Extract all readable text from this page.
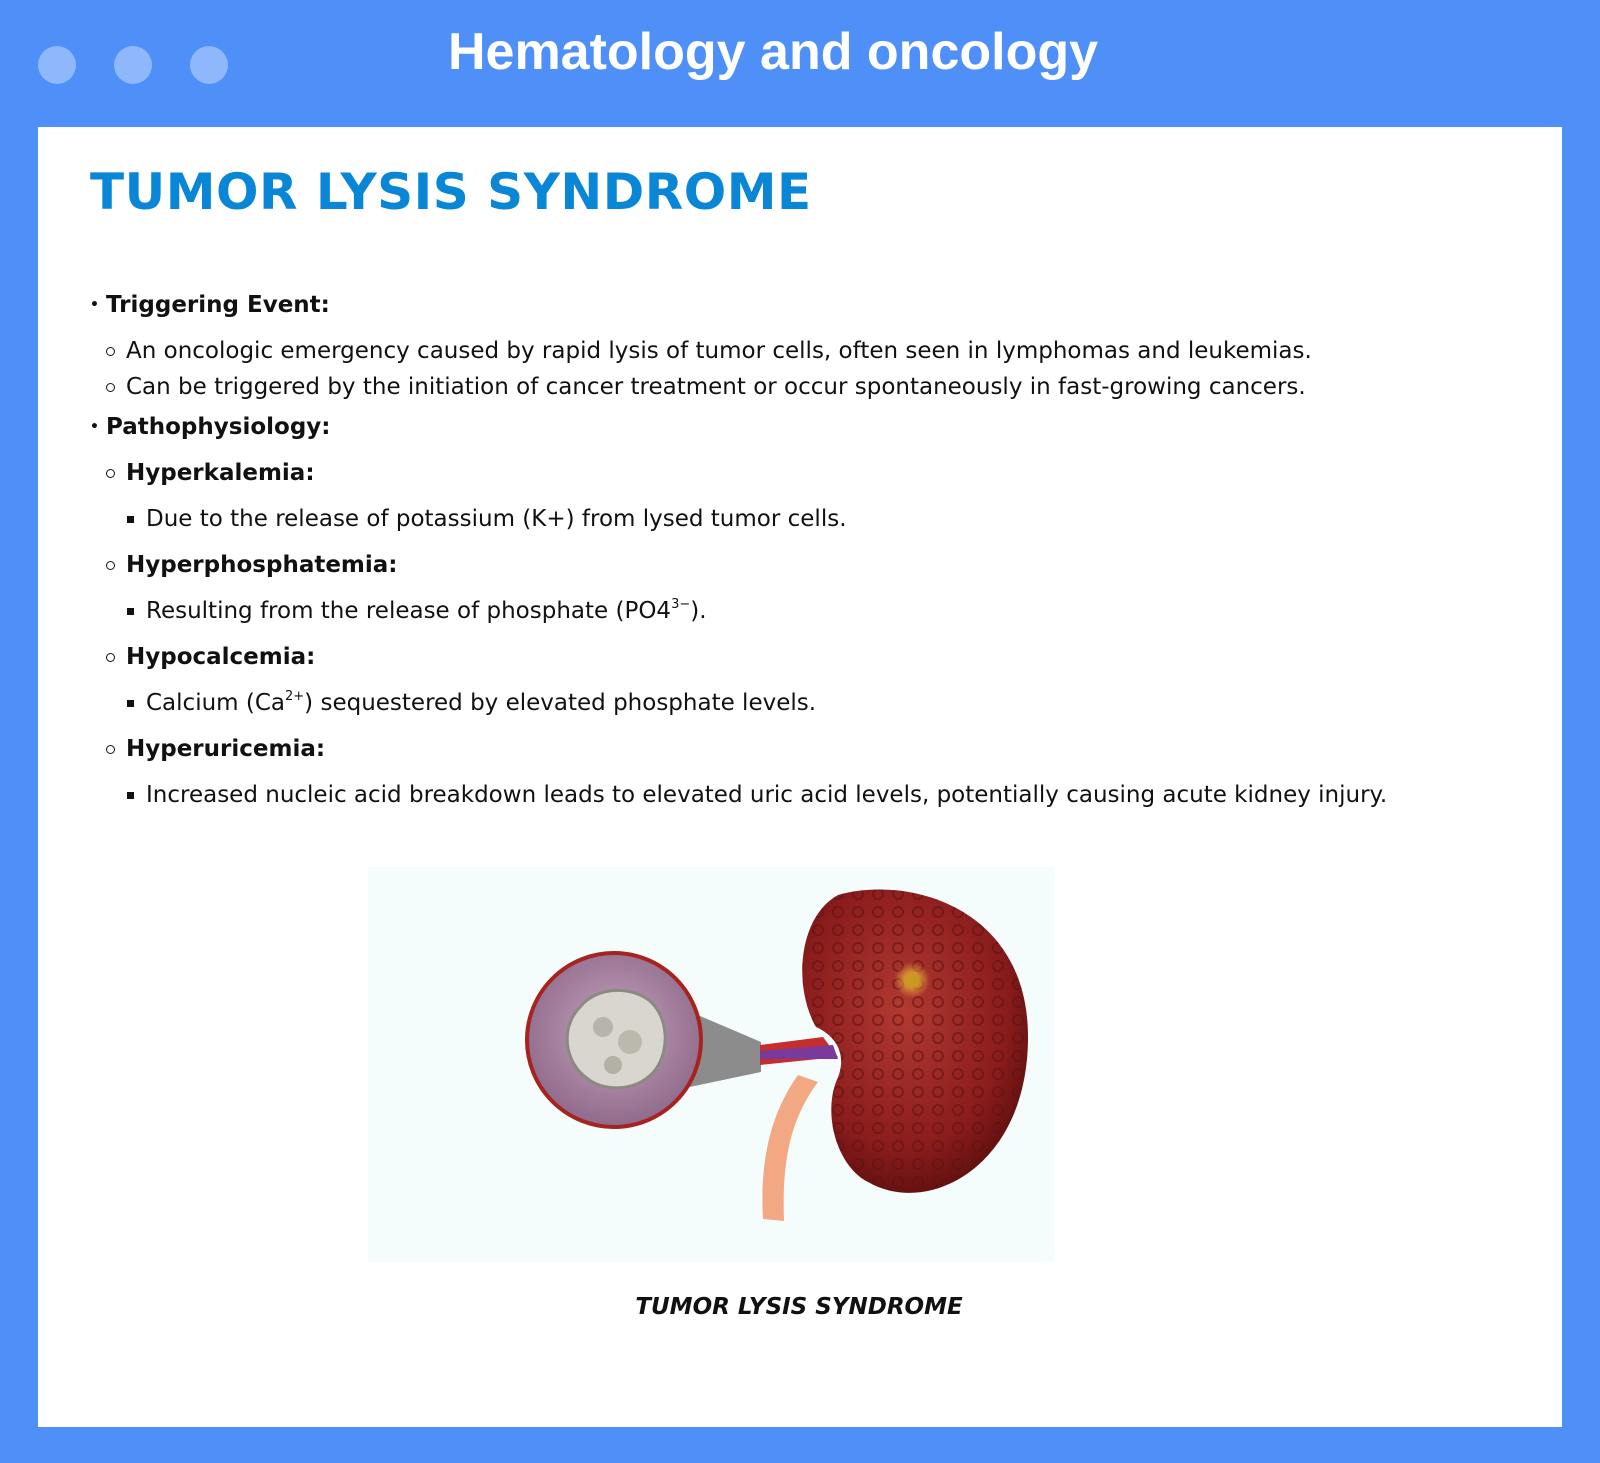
Hematology and oncology
TUMOR LYSIS SYNDROME
• Triggering Event:
An oncologic emergency caused by rapid lysis of tumor cells, often seen in lymphomas and leukemias.
Can be triggered by the initiation of cancer treatment or occur spontaneously in fast-growing cancers.
• Pathophysiology:
Hyperkalemia:
Due to the release of potassium (K+) from lysed tumor cells.
Hyperphosphatemia:
Resulting from the release of phosphate $(PO4^{3-})$.
Hypocalcemia:
Calcium $(Ca^{2+})$ sequestered by elevated phosphate levels.
Hyperuricemia:
Increased nucleic acid breakdown leads to elevated uric acid levels, potentially causing acute kidney injury.
TUMOR LYSIS SYNDROME
